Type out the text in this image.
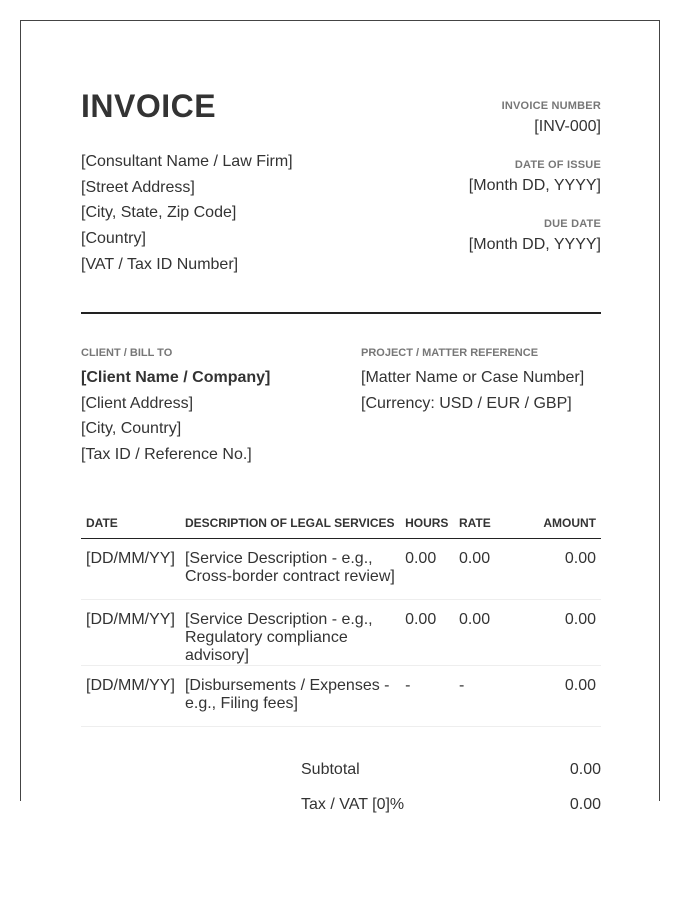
INVOICE
[Consultant Name / Law Firm]
[Street Address]
[City, State, Zip Code]
[Country]
[VAT / Tax ID Number]
INVOICE NUMBER
[INV-000]
DATE OF ISSUE
[Month DD, YYYY]
DUE DATE
[Month DD, YYYY]
CLIENT / BILL TO
[Client Name / Company]
[Client Address]
[City, Country]
[Tax ID / Reference No.]
PROJECT / MATTER REFERENCE
[Matter Name or Case Number]
[Currency: USD / EUR / GBP]
DATE	DESCRIPTION OF LEGAL SERVICES	HOURS	RATE	AMOUNT
[DD/MM/YY]	[Service Description - e.g.,
Cross-border contract review]	0.00	0.00	0.00
[DD/MM/YY]	[Service Description - e.g.,
Regulatory compliance advisory]	0.00	0.00	0.00
[DD/MM/YY]	[Disbursements / Expenses -
e.g., Filing fees]	-	-	0.00
Subtotal	0.00
Tax / VAT [0]%	0.00
